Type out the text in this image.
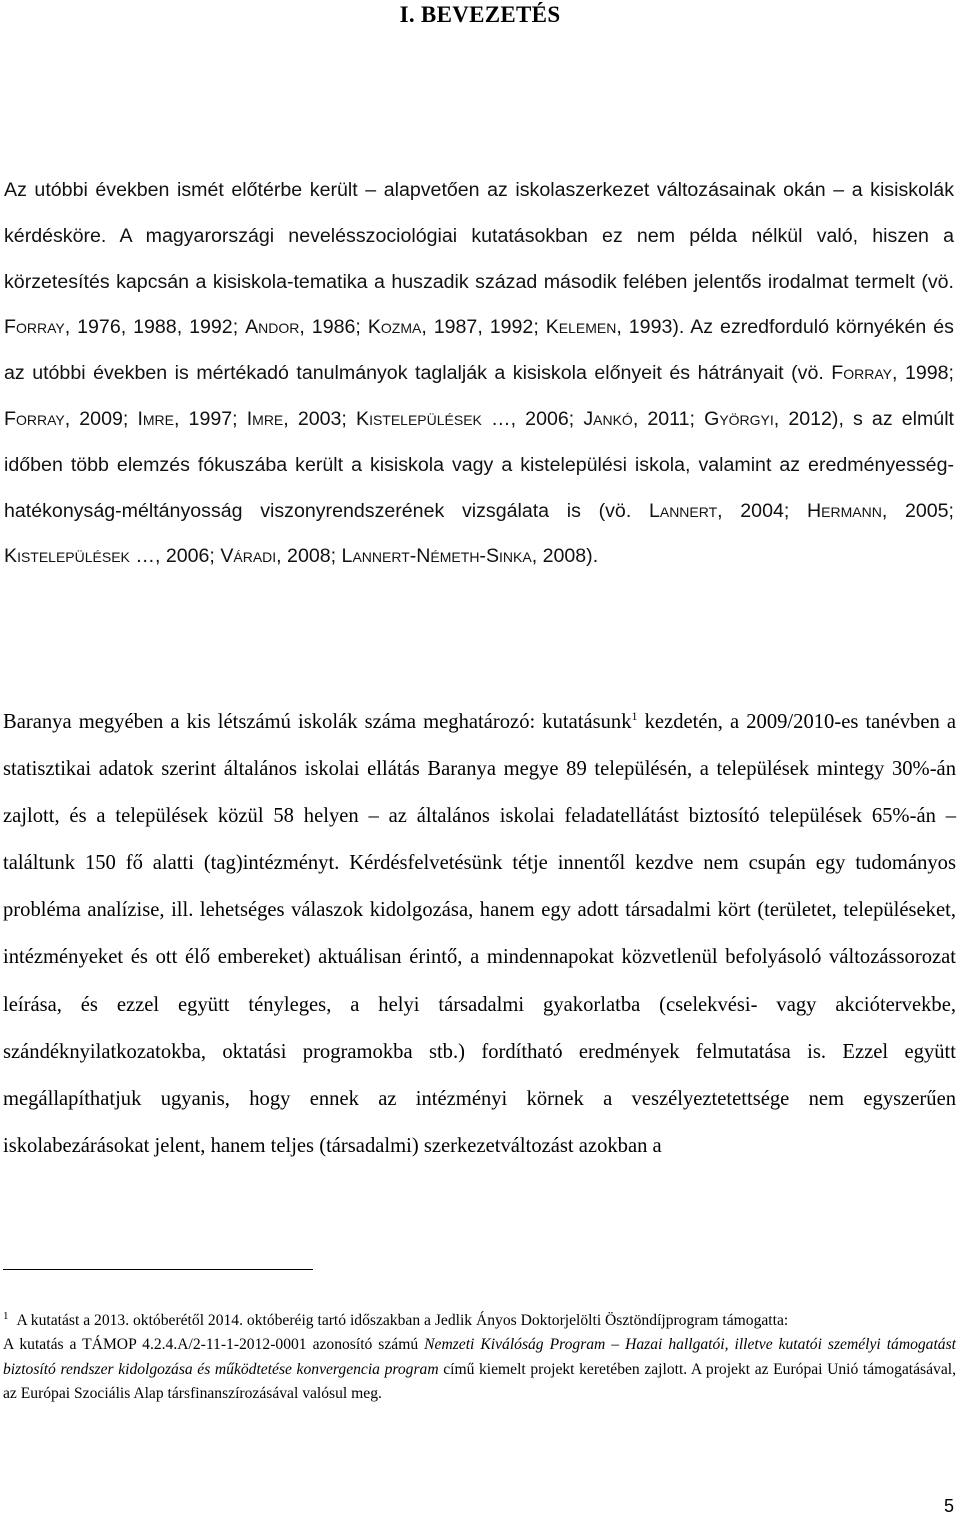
I. BEVEZETÉS

Az utóbbi években ismét előtérbe került – alapvetően az iskolaszerkezet változásainak okán – a kisiskolák kérdésköre. A magyarországi nevelésszociológiai kutatásokban ez nem példa nélkül való, hiszen a körzetesítés kapcsán a kisiskola-tematika a huszadik század második felében jelentős irodalmat termelt (vö. Forray, 1976, 1988, 1992; Andor, 1986; Kozma, 1987, 1992; Kelemen, 1993). Az ezredforduló környékén és az utóbbi években is mértékadó tanulmányok taglalják a kisiskola előnyeit és hátrányait (vö. Forray, 1998; Forray, 2009; Imre, 1997; Imre, 2003; Kistelepülések …, 2006; Jankó, 2011; Györgyi, 2012), s az elmúlt időben több elemzés fókuszába került a kisiskola vagy a kistelepülési iskola, valamint az eredményesség-hatékonyság-méltányosság viszonyrendszerének vizsgálata is (vö. Lannert, 2004; Hermann, 2005; Kistelepülések …, 2006; Váradi, 2008; Lannert-Németh-Sinka, 2008).

Baranya megyében a kis létszámú iskolák száma meghatározó: kutatásunk$^1$ kezdetén, a 2009/2010-es tanévben a statisztikai adatok szerint általános iskolai ellátás Baranya megye 89 településén, a települések mintegy 30%-án zajlott, és a települések közül 58 helyen – az általános iskolai feladatellátást biztosító települések 65%-án – találtunk 150 fő alatti (tag)intézményt. Kérdésfelvetésünk tétje innentől kezdve nem csupán egy tudományos probléma analízise, ill. lehetséges válaszok kidolgozása, hanem egy adott társadalmi kört (területet, településeket, intézményeket és ott élő embereket) aktuálisan érintő, a mindennapokat közvetlenül befolyásoló változássorozat leírása, és ezzel együtt tényleges, a helyi társadalmi gyakorlatba (cselekvési- vagy akciótervekbe, szándéknyilatkozatokba, oktatási programokba stb.) fordítható eredmények felmutatása is. Ezzel együtt megállapíthatjuk ugyanis, hogy ennek az intézményi körnek a veszélyeztetettsége nem egyszerűen iskolabezárásokat jelent, hanem teljes (társadalmi) szerkezetváltozást azokban a

$^1$ A kutatást a 2013. októberétől 2014. októberéig tartó időszakban a Jedlik Ányos Doktorjelölti Ösztöndíjprogram támogatta:
A kutatás a TÁMOP 4.2.4.A/2-11-1-2012-0001 azonosító számú Nemzeti Kiválóság Program – Hazai hallgatói, illetve kutatói személyi támogatást biztosító rendszer kidolgozása és működtetése konvergencia program című kiemelt projekt keretében zajlott. A projekt az Európai Unió támogatásával, az Európai Szociális Alap társfinanszírozásával valósul meg.
5
